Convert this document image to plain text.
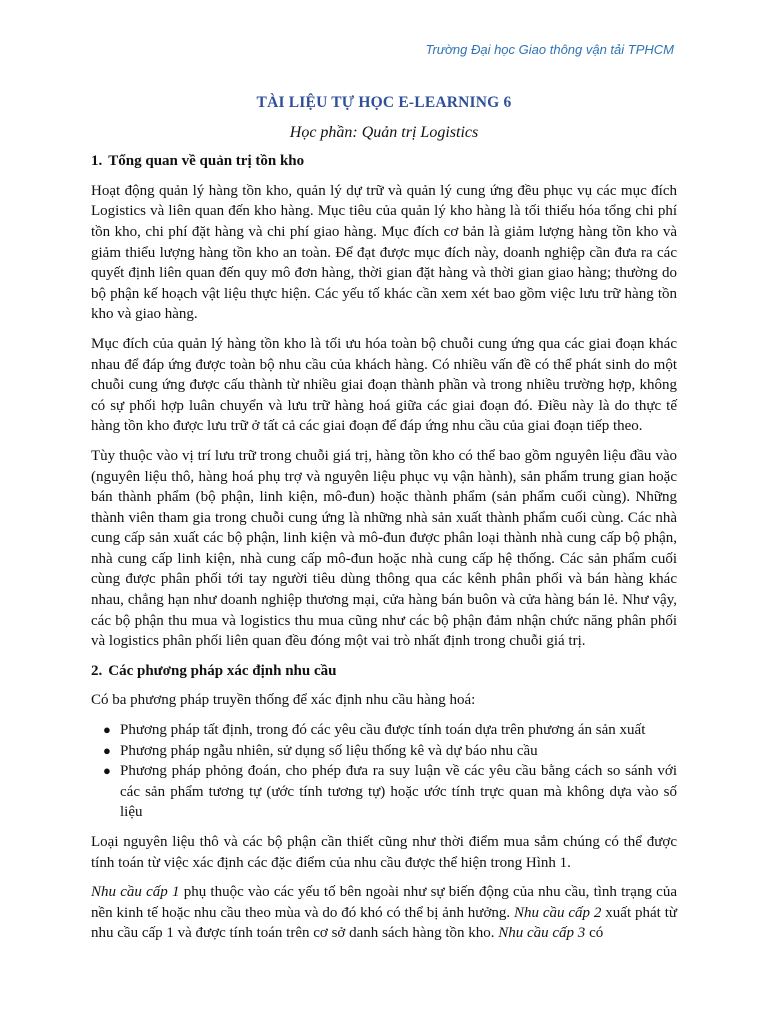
Trường Đại học Giao thông vận tải TPHCM
TÀI LIỆU TỰ HỌC E-LEARNING 6
Học phần: Quản trị Logistics
1. Tổng quan về quản trị tồn kho

Hoạt động quản lý hàng tồn kho, quản lý dự trữ và quản lý cung ứng đều phục vụ các mục đích Logistics và liên quan đến kho hàng. Mục tiêu của quản lý kho hàng là tối thiểu hóa tổng chi phí tồn kho, chi phí đặt hàng và chi phí giao hàng. Mục đích cơ bản là giảm lượng hàng tồn kho và giảm thiểu lượng hàng tồn kho an toàn. Để đạt được mục đích này, doanh nghiệp cần đưa ra các quyết định liên quan đến quy mô đơn hàng, thời gian đặt hàng và thời gian giao hàng; thường do bộ phận kế hoạch vật liệu thực hiện. Các yếu tố khác cần xem xét bao gồm việc lưu trữ hàng tồn kho và giao hàng.

Mục đích của quản lý hàng tồn kho là tối ưu hóa toàn bộ chuỗi cung ứng qua các giai đoạn khác nhau để đáp ứng được toàn bộ nhu cầu của khách hàng. Có nhiều vấn đề có thể phát sinh do một chuỗi cung ứng được cấu thành từ nhiều giai đoạn thành phần và trong nhiều trường hợp, không có sự phối hợp luân chuyển và lưu trữ hàng hoá giữa các giai đoạn đó. Điều này là do thực tế hàng tồn kho được lưu trữ ở tất cả các giai đoạn để đáp ứng nhu cầu của giai đoạn tiếp theo.

Tùy thuộc vào vị trí lưu trữ trong chuỗi giá trị, hàng tồn kho có thể bao gồm nguyên liệu đầu vào (nguyên liệu thô, hàng hoá phụ trợ và nguyên liệu phục vụ vận hành), sản phẩm trung gian hoặc bán thành phẩm (bộ phận, linh kiện, mô-đun) hoặc thành phẩm (sản phẩm cuối cùng). Những thành viên tham gia trong chuỗi cung ứng là những nhà sản xuất thành phẩm cuối cùng. Các nhà cung cấp sản xuất các bộ phận, linh kiện và mô-đun được phân loại thành nhà cung cấp bộ phận, nhà cung cấp linh kiện, nhà cung cấp mô-đun hoặc nhà cung cấp hệ thống. Các sản phẩm cuối cùng được phân phối tới tay người tiêu dùng thông qua các kênh phân phối và bán hàng khác nhau, chẳng hạn như doanh nghiệp thương mại, cửa hàng bán buôn và cửa hàng bán lẻ. Như vậy, các bộ phận thu mua và logistics thu mua cũng như các bộ phận đảm nhận chức năng phân phối và logistics phân phối liên quan đều đóng một vai trò nhất định trong chuỗi giá trị.

2. Các phương pháp xác định nhu cầu

Có ba phương pháp truyền thống để xác định nhu cầu hàng hoá:

● Phương pháp tất định, trong đó các yêu cầu được tính toán dựa trên phương án sản xuất
● Phương pháp ngẫu nhiên, sử dụng số liệu thống kê và dự báo nhu cầu
● Phương pháp phỏng đoán, cho phép đưa ra suy luận về các yêu cầu bằng cách so sánh với các sản phẩm tương tự (ước tính tương tự) hoặc ước tính trực quan mà không dựa vào số liệu

Loại nguyên liệu thô và các bộ phận cần thiết cũng như thời điểm mua sắm chúng có thể được tính toán từ việc xác định các đặc điểm của nhu cầu được thể hiện trong Hình 1.

Nhu cầu cấp 1 phụ thuộc vào các yếu tố bên ngoài như sự biến động của nhu cầu, tình trạng của nền kinh tế hoặc nhu cầu theo mùa và do đó khó có thể bị ảnh hưởng. Nhu cầu cấp 2 xuất phát từ nhu cầu cấp 1 và được tính toán trên cơ sở danh sách hàng tồn kho. Nhu cầu cấp 3 có
